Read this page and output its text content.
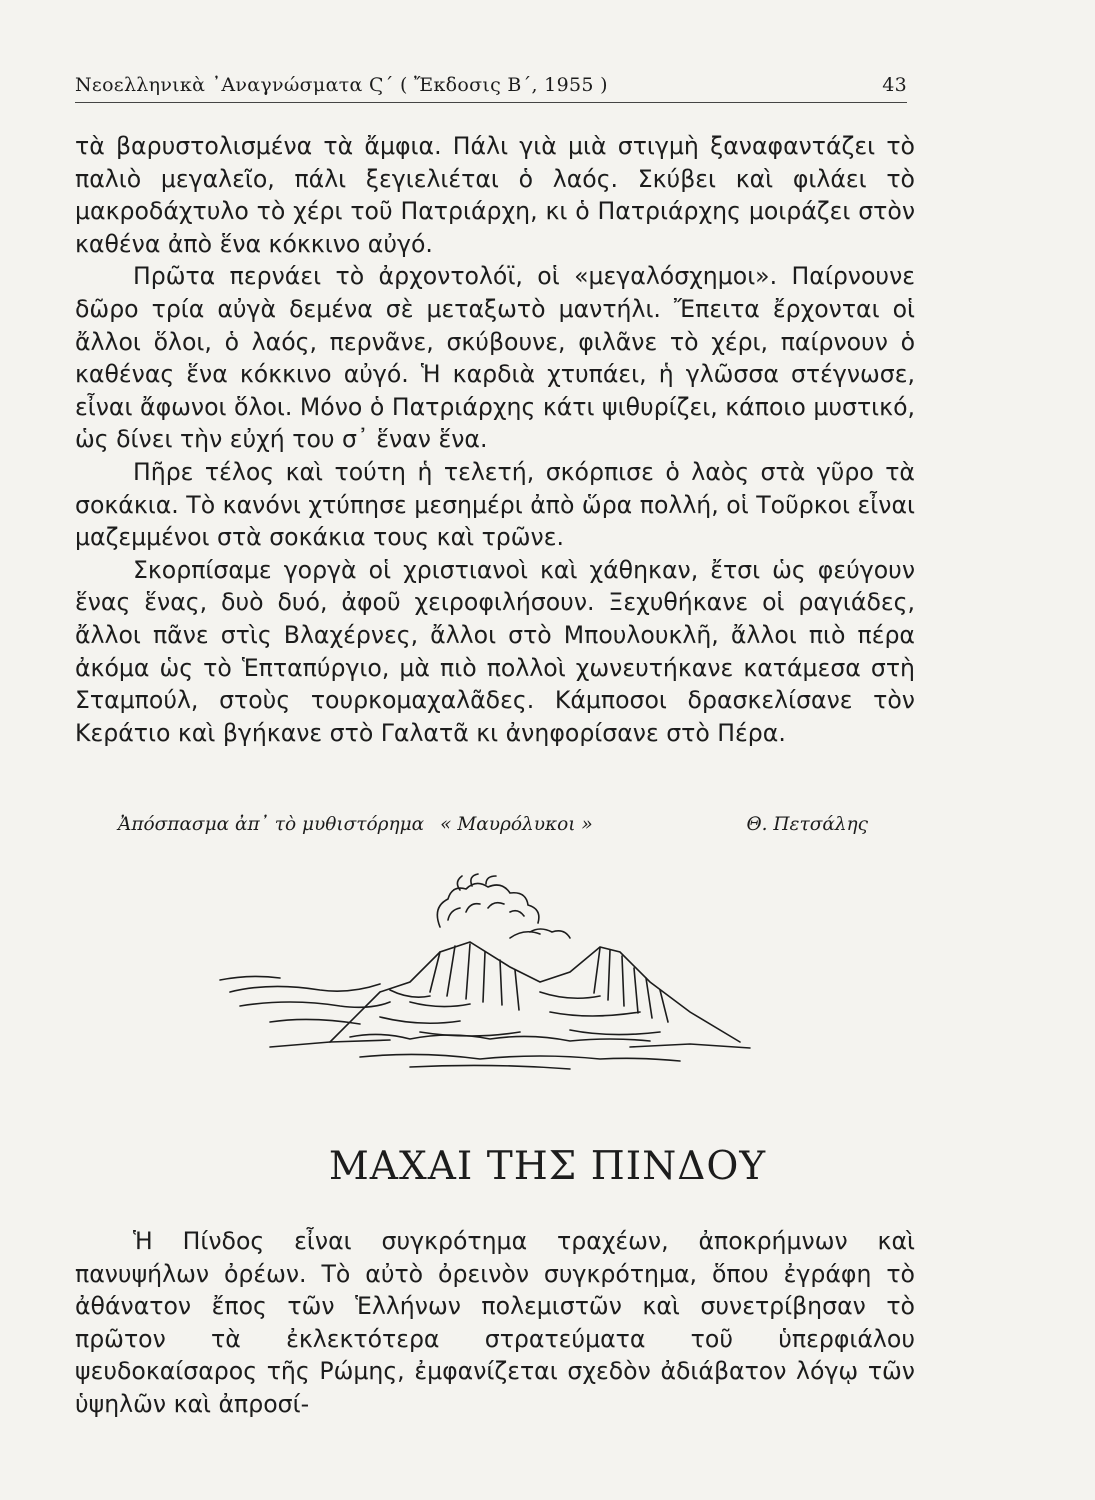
Νεοελληνικὰ ᾿Αναγνώσματα Ϛ´ ( Ἔκδοσις Β´, 1955 )	43

τὰ βαρυστολισμένα τὰ ἄμφια. Πάλι γιὰ μιὰ στιγμὴ ξαναφαντάζει τὸ παλιὸ μεγαλεῖο, πάλι ξεγιελιέται ὁ λαός. Σκύβει καὶ φιλάει τὸ μακροδάχτυλο τὸ χέρι τοῦ Πατριάρχη, κι ὁ Πατριάρχης μοιράζει στὸν καθένα ἀπὸ ἕνα κόκκινο αὐγό.

Πρῶτα περνάει τὸ ἀρχοντολόϊ, οἱ «μεγαλόσχημοι». Παίρνουνε δῶρο τρία αὐγὰ δεμένα σὲ μεταξωτὸ μαντήλι. Ἔπειτα ἔρχονται οἱ ἄλλοι ὅλοι, ὁ λαός, περνᾶνε, σκύβουνε, φιλᾶνε τὸ χέρι, παίρνουν ὁ καθένας ἕνα κόκκινο αὐγό. Ἡ καρδιὰ χτυπάει, ἡ γλῶσσα στέγνωσε, εἶναι ἄφωνοι ὅλοι. Μόνο ὁ Πατριάρχης κάτι ψιθυρίζει, κάποιο μυστικό, ὡς δίνει τὴν εὐχή του σ᾿ ἕναν ἕνα.

Πῆρε τέλος καὶ τούτη ἡ τελετή, σκόρπισε ὁ λαὸς στὰ γῦρο τὰ σοκάκια. Τὸ κανόνι χτύπησε μεσημέρι ἀπὸ ὥρα πολλή, οἱ Τοῦρκοι εἶναι μαζεμμένοι στὰ σοκάκια τους καὶ τρῶνε.

Σκορπίσαμε γοργὰ οἱ χριστιανοὶ καὶ χάθηκαν, ἔτσι ὡς φεύγουν ἕνας ἕνας, δυὸ δυό, ἀφοῦ χειροφιλήσουν. Ξεχυθήκανε οἱ ραγιάδες, ἄλλοι πᾶνε στὶς Βλαχέρνες, ἄλλοι στὸ Μπουλουκλῆ, ἄλλοι πιὸ πέρα ἀκόμα ὡς τὸ Ἑπταπύργιο, μὰ πιὸ πολλοὶ χωνευτήκανε κατάμεσα στὴ Σταμπούλ, στοὺς τουρκομαχαλᾶδες. Κάμποσοι δρασκελίσανε τὸν Κεράτιο καὶ βγήκανε στὸ Γαλατᾶ κι ἀνηφορίσανε στὸ Πέρα.

Ἀπόσπασμα ἀπ᾿ τὸ μυθιστόρημα « Μαυρόλυκοι »	Θ. Πετσάλης
ΜΑΧΑΙ ΤΗΣ ΠΙΝΔΟΥ

Ἡ Πίνδος εἶναι συγκρότημα τραχέων, ἀποκρήμνων καὶ πανυψήλων ὀρέων. Τὸ αὐτὸ ὀρεινὸν συγκρότημα, ὅπου ἐγράφη τὸ ἀθάνατον ἔπος τῶν Ἑλλήνων πολεμιστῶν καὶ συνετρίβησαν τὸ πρῶτον τὰ ἐκλεκτότερα στρατεύματα τοῦ ὑπερφιάλου ψευδοκαίσαρος τῆς Ρώμης, ἐμφανίζεται σχεδὸν ἀδιάβατον λόγῳ τῶν ὑψηλῶν καὶ ἀπροσί-
